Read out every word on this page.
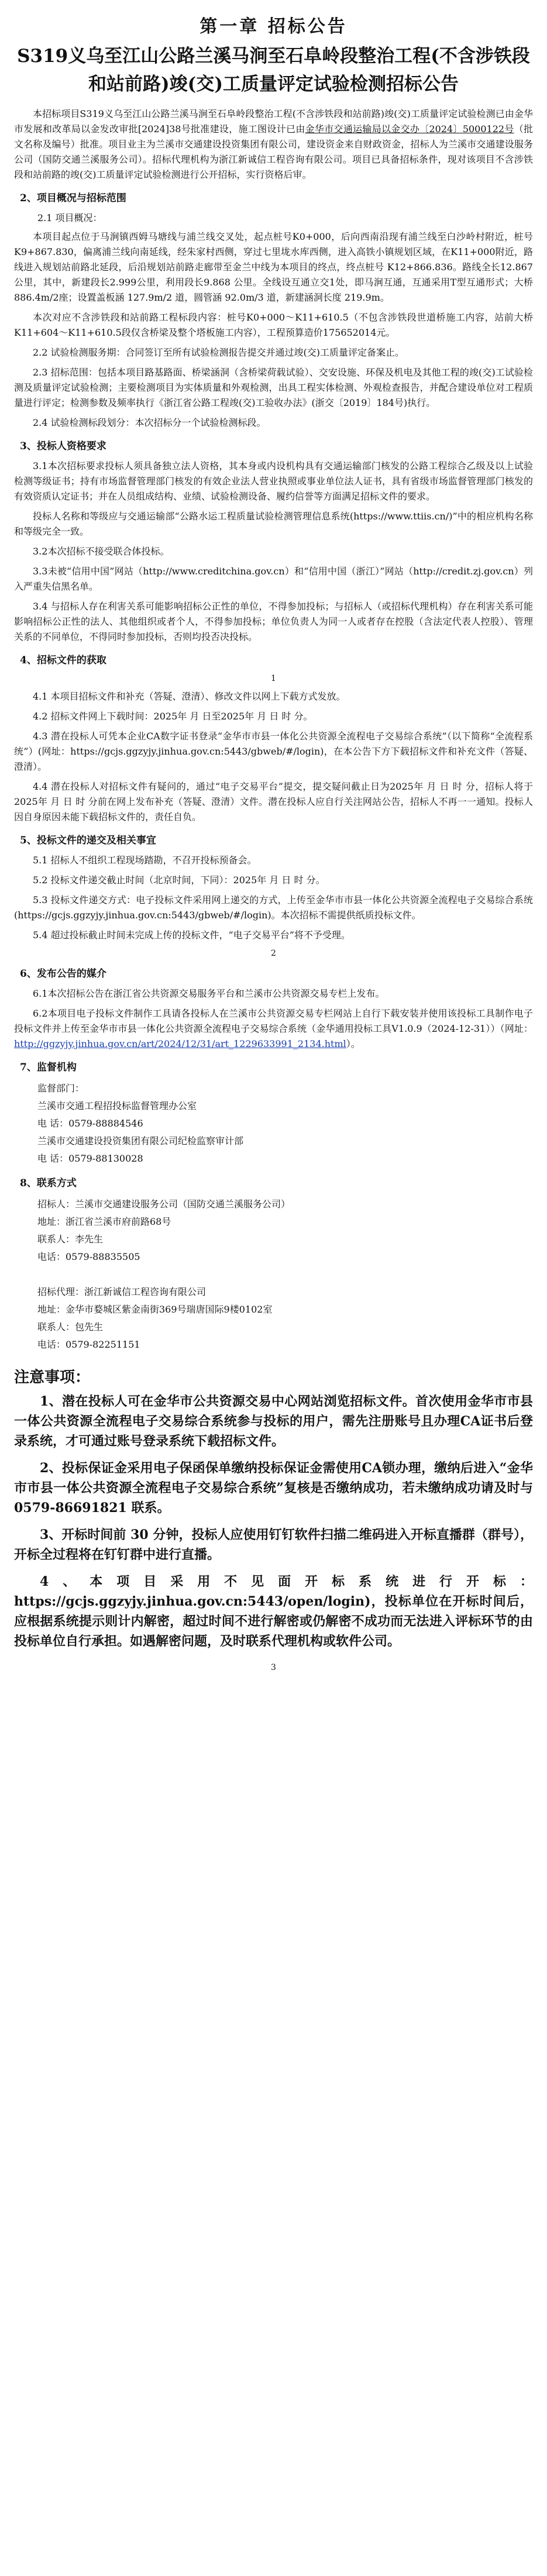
第一章 招标公告
S319义乌至江山公路兰溪马涧至石阜岭段整治工程(不含涉铁段和站前路)竣(交)工质量评定试验检测招标公告

本招标项目S319义乌至江山公路兰溪马涧至石阜岭段整治工程(不含涉铁段和站前路)竣(交)工质量评定试验检测已由金华市发展和改革局以金发改审批[2024]38号批准建设，施工图设计已由金华市交通运输局以金交办〔2024〕5000122号（批文名称及编号）批准。项目业主为兰溪市交通建设投资集团有限公司，建设资金来自财政资金，招标人为兰溪市交通建设服务公司（国防交通兰溪服务公司）。招标代理机构为浙江新诚信工程咨询有限公司。项目已具备招标条件，现对该项目不含涉铁段和站前路的竣(交)工质量评定试验检测进行公开招标，实行资格后审。

2、项目概况与招标范围
2.1 项目概况：

本项目起点位于马涧镇西姆马塘线与浦兰线交叉处，起点桩号K0+000，后向西南沿现有浦兰线至白沙岭村附近，桩号 K9+867.830，偏离浦兰线向南延线，经朱家村西侧，穿过七里垅水库西侧，进入高铁小镇规划区域，在K11+000附近，路线进入规划站前路北延段，后沿规划站前路走廊带至金兰中线为本项目的终点，终点桩号 K12+866.836。路线全长12.867公里，其中，新建段长2.999公里，利用段长9.868 公里。全线设互通立交1处，即马涧互通，互通采用T型互通形式；大桥886.4m/2座；设置盖板涵 127.9m/2 道，圆管涵 92.0m/3 道，新建涵洞长度 219.9m。

本次对应不含涉铁段和站前路工程标段内容：桩号K0+000～K11+610.5（不包含涉铁段世道桥施工内容，站前大桥K11+604～K11+610.5段仅含桥梁及整个塔板施工内容），工程预算造价175652014元。

2.2 试验检测服务期：合同签订至所有试验检测报告提交并通过竣(交)工质量评定备案止。

2.3 招标范围：包括本项目路基路面、桥梁涵洞（含桥梁荷载试验）、交安设施、环保及机电及其他工程的竣(交)工试验检测及质量评定试验检测；主要检测项目为实体质量和外观检测，出具工程实体检测、外观检查报告，并配合建设单位对工程质量进行评定；检测参数及频率执行《浙江省公路工程竣(交)工验收办法》(浙交〔2019〕184号)执行。

2.4 试验检测标段划分：本次招标分一个试验检测标段。

3、投标人资格要求

3.1本次招标要求投标人须具备独立法人资格，其本身或内设机构具有交通运输部门核发的公路工程综合乙级及以上试验检测等级证书；持有市场监督管理部门核发的有效企业法人营业执照或事业单位法人证书，具有省级市场监督管理部门核发的有效资质认定证书；并在人员组成结构、业绩、试验检测设备、履约信誉等方面满足招标文件的要求。

投标人名称和等级应与交通运输部“公路水运工程质量试验检测管理信息系统(https://www.ttiis.cn/)”中的相应机构名称和等级完全一致。

3.2本次招标不接受联合体投标。

3.3未被“信用中国”网站（http://www.creditchina.gov.cn）和“信用中国（浙江）”网站（http://credit.zj.gov.cn）列入严重失信黑名单。

3.4 与招标人存在利害关系可能影响招标公正性的单位，不得参加投标；与招标人（或招标代理机构）存在利害关系可能影响招标公正性的法人、其他组织或者个人，不得参加投标；单位负责人为同一人或者存在控股（含法定代表人控股）、管理关系的不同单位，不得同时参加投标，否则均投否决投标。

4、招标文件的获取
1

4.1 本项目招标文件和补充（答疑、澄清）、修改文件以网上下载方式发放。

4.2 招标文件网上下载时间：2025年 月 日至2025年 月 日 时 分。

4.3 潜在投标人可凭本企业CA数字证书登录“金华市市县一体化公共资源全流程电子交易综合系统”（以下简称“全流程系统”）(网址：https://gcjs.ggzyjy.jinhua.gov.cn:5443/gbweb/#/login)，在本公告下方下载招标文件和补充文件（答疑、澄清）。

4.4 潜在投标人对招标文件有疑问的，通过“电子交易平台”提交，提交疑问截止日为2025年 月 日 时 分，招标人将于2025年 月 日 时 分前在网上发布补充（答疑、澄清）文件。潜在投标人应自行关注网站公告，招标人不再一一通知。投标人因自身原因未能下载招标文件的，责任自负。

5、投标文件的递交及相关事宜

5.1 招标人不组织工程现场踏勘，不召开投标预备会。

5.2 投标文件递交截止时间（北京时间，下同）：2025年 月 日 时 分。

5.3 投标文件递交方式：电子投标文件采用网上递交的方式，上传至金华市市县一体化公共资源全流程电子交易综合系统(https://gcjs.ggzyjy.jinhua.gov.cn:5443/gbweb/#/login)。本次招标不需提供纸质投标文件。

5.4 超过投标截止时间未完成上传的投标文件，“电子交易平台”将不予受理。

2
6、发布公告的媒介

6.1本次招标公告在浙江省公共资源交易服务平台和兰溪市公共资源交易专栏上发布。

6.2本项目电子投标文件制作工具请各投标人在兰溪市公共资源交易专栏网站上自行下载安装并使用该投标工具制作电子投标文件并上传至金华市市县一体化公共资源全流程电子交易综合系统（金华通用投标工具V1.0.9（2024-12-31））（网址：http://ggzyjy.jinhua.gov.cn/art/2024/12/31/art_1229633991_2134.html）。

7、监督机构
监督部门：
兰溪市交通工程招投标监督管理办公室
电 话：0579-88884546
兰溪市交通建设投资集团有限公司纪检监察审计部
电 话：0579-88130028
8、联系方式
招标人：兰溪市交通建设服务公司（国防交通兰溪服务公司）
地址：浙江省兰溪市府前路68号
联系人：李先生
电话：0579-88835505
招标代理：浙江新诚信工程咨询有限公司
地址：金华市婺城区紫金南街369号瑞唐国际9楼0102室
联系人：包先生
电话：0579-82251151
注意事项：

1、潜在投标人可在金华市公共资源交易中心网站浏览招标文件。首次使用金华市市县一体公共资源全流程电子交易综合系统参与投标的用户，需先注册账号且办理CA证书后登录系统，才可通过账号登录系统下载招标文件。

2、投标保证金采用电子保函保单缴纳投标保证金需使用CA锁办理，缴纳后进入“金华市市县一体公共资源全流程电子交易综合系统”复核是否缴纳成功，若未缴纳成功请及时与 0579-86691821 联系。

3、开标时间前 30 分钟，投标人应使用钉钉软件扫描二维码进入开标直播群（群号），开标全过程将在钉钉群中进行直播。

4、本项目采用不见面开标系统进行开标：https://gcjs.ggzyjy.jinhua.gov.cn:5443/open/login)，投标单位在开标时间后，应根据系统提示则计内解密，超过时间不进行解密或仍解密不成功而无法进入评标环节的由投标单位自行承担。如遇解密问题，及时联系代理机构或软件公司。

3
